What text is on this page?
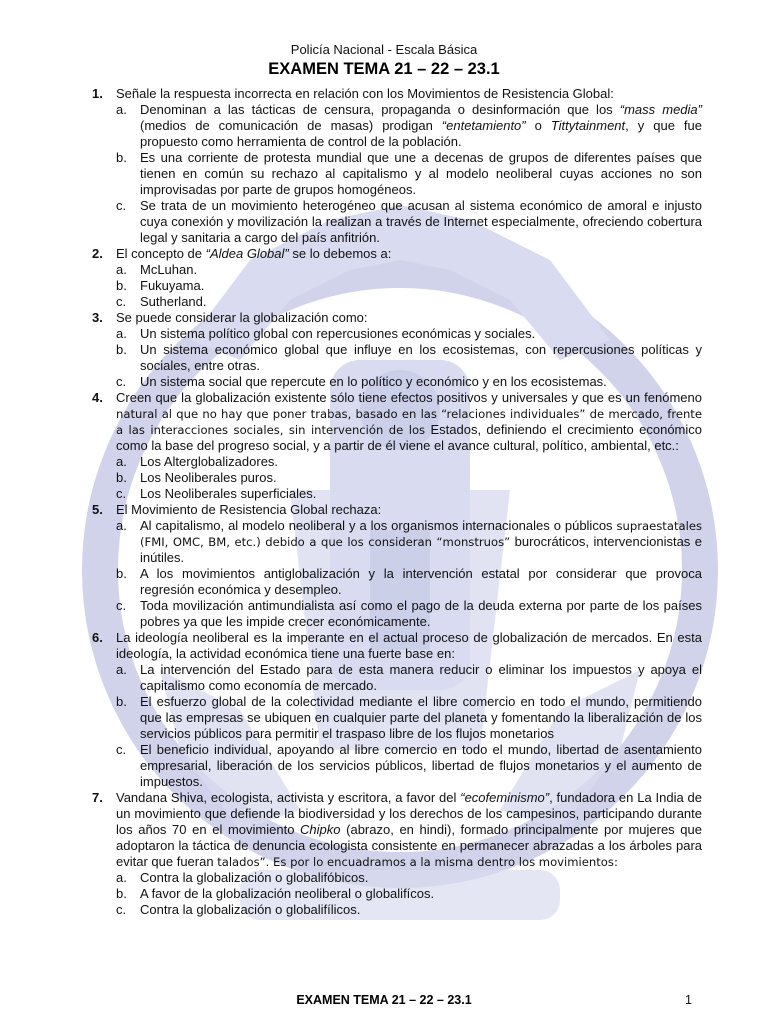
Policía Nacional - Escala Básica
EXAMEN TEMA 21 – 22 – 23.1
1. Señale la respuesta incorrecta en relación con los Movimientos de Resistencia Global:
a. Denominan a las tácticas de censura, propaganda o desinformación que los “mass media” (medios de comunicación de masas) prodigan “entetamiento” o Tittytainment, y que fue propuesto como herramienta de control de la población.
b. Es una corriente de protesta mundial que une a decenas de grupos de diferentes países que tienen en común su rechazo al capitalismo y al modelo neoliberal cuyas acciones no son improvisadas por parte de grupos homogéneos.
c. Se trata de un movimiento heterogéneo que acusan al sistema económico de amoral e injusto cuya conexión y movilización la realizan a través de Internet especialmente, ofreciendo cobertura legal y sanitaria a cargo del país anfitrión.
2. El concepto de “Aldea Global” se lo debemos a:
a. McLuhan.
b. Fukuyama.
c. Sutherland.
3. Se puede considerar la globalización como:
a. Un sistema político global con repercusiones económicas y sociales.
b. Un sistema económico global que influye en los ecosistemas, con repercusiones políticas y sociales, entre otras.
c. Un sistema social que repercute en lo político y económico y en los ecosistemas.
4. Creen que la globalización existente sólo tiene efectos positivos y universales y que es un fenómeno natural al que no hay que poner trabas, basado en las “relaciones individuales” de mercado, frente a las interacciones sociales, sin intervención de los Estados, definiendo el crecimiento económico como la base del progreso social, y a partir de él viene el avance cultural, político, ambiental, etc.:
a. Los Alterglobalizadores.
b. Los Neoliberales puros.
c. Los Neoliberales superficiales.
5. El Movimiento de Resistencia Global rechaza:
a. Al capitalismo, al modelo neoliberal y a los organismos internacionales o públicos supraestatales (FMI, OMC, BM, etc.) debido a que los consideran “monstruos” burocráticos, intervencionistas e inútiles.
b. A los movimientos antiglobalización y la intervención estatal por considerar que provoca regresión económica y desempleo.
c. Toda movilización antimundialista así como el pago de la deuda externa por parte de los países pobres ya que les impide crecer económicamente.
6. La ideología neoliberal es la imperante en el actual proceso de globalización de mercados. En esta ideología, la actividad económica tiene una fuerte base en:
a. La intervención del Estado para de esta manera reducir o eliminar los impuestos y apoya el capitalismo como economía de mercado.
b. El esfuerzo global de la colectividad mediante el libre comercio en todo el mundo, permitiendo que las empresas se ubiquen en cualquier parte del planeta y fomentando la liberalización de los servicios públicos para permitir el traspaso libre de los flujos monetarios
c. El beneficio individual, apoyando al libre comercio en todo el mundo, libertad de asentamiento empresarial, liberación de los servicios públicos, libertad de flujos monetarios y el aumento de impuestos.
7. Vandana Shiva, ecologista, activista y escritora, a favor del “ecofeminismo”, fundadora en La India de un movimiento que defiende la biodiversidad y los derechos de los campesinos, participando durante los años 70 en el movimiento Chipko (abrazo, en hindi), formado principalmente por mujeres que adoptaron la táctica de denuncia ecologista consistente en permanecer abrazadas a los árboles para evitar que fueran talados”. Es por lo encuadramos a la misma dentro los movimientos:
a. Contra la globalización o globalifóbicos.
b. A favor de la globalización neoliberal o globalifícos.
c. Contra la globalización o globalifílicos.
EXAMEN TEMA 21 – 22 – 23.1	1
